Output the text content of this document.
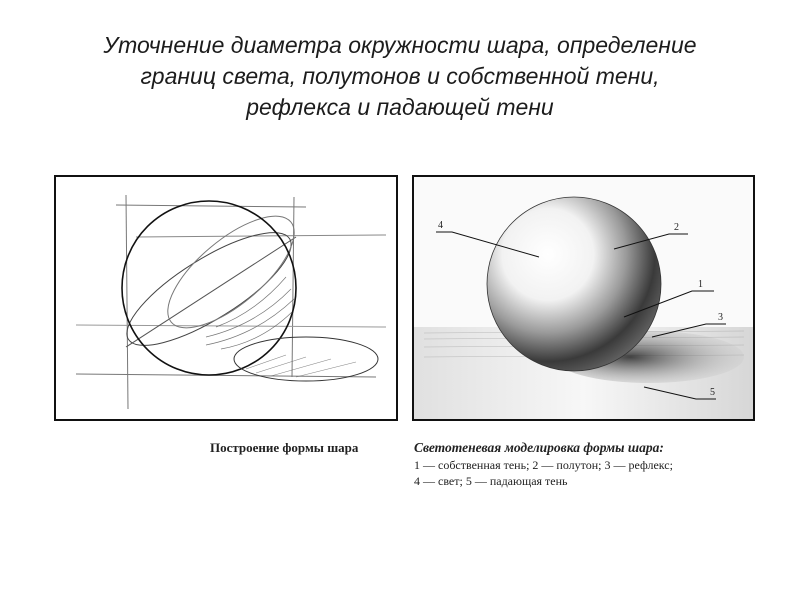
Уточнение диаметра окружности шара, определение
границ света, полутонов и собственной тени,
рефлекса и падающей тени
4	2
1
3
5
Построение формы шара	Светотеневая моделировка формы шара:
1 — собственная тень; 2 — полутон; 3 — рефлекс;
4 — свет; 5 — падающая тень
